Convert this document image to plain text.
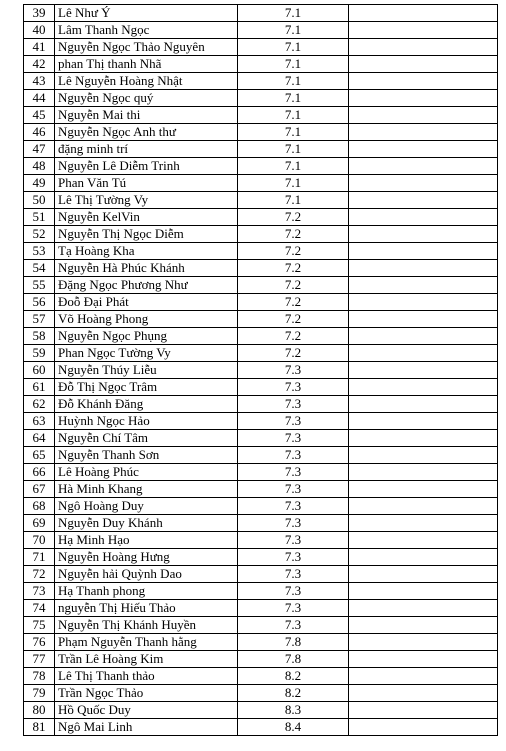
39	Lê Như Ý	7.1	
40	Lâm Thanh Ngọc	7.1	
41	Nguyễn Ngọc Thảo Nguyên	7.1	
42	phan Thị thanh Nhã	7.1	
43	Lê Nguyễn Hoàng Nhật	7.1	
44	Nguyễn Ngọc quý	7.1	
45	Nguyễn Mai thi	7.1	
46	Nguyễn Ngọc Anh thư	7.1	
47	đặng minh trí	7.1	
48	Nguyễn Lê Diễm Trinh	7.1	
49	Phan Văn Tú	7.1	
50	Lê Thị Tường Vy	7.1	
51	Nguyễn KelVin	7.2	
52	Nguyễn Thị Ngọc Diễm	7.2	
53	Tạ Hoàng Kha	7.2	
54	Nguyễn Hà Phúc Khánh	7.2	
55	Đặng Ngọc Phương Như	7.2	
56	Đoỗ Đại Phát	7.2	
57	Võ Hoàng Phong	7.2	
58	Nguyễn Ngọc Phụng	7.2	
59	Phan Ngọc Tường Vy	7.2	
60	Nguyễn Thúy Liễu	7.3	
61	Đỗ Thị Ngọc Trâm	7.3	
62	Đỗ Khánh Đăng	7.3	
63	Huỳnh Ngọc Hảo	7.3	
64	Nguyễn Chí Tâm	7.3	
65	Nguyễn Thanh Sơn	7.3	
66	Lê Hoàng Phúc	7.3	
67	Hà Minh Khang	7.3	
68	Ngô Hoàng Duy	7.3	
69	Nguyễn Duy Khánh	7.3	
70	Hạ Minh Hạo	7.3	
71	Nguyễn Hoàng Hưng	7.3	
72	Nguyễn hải Quỳnh Dao	7.3	
73	Hạ Thanh phong	7.3	
74	nguyễn Thị Hiếu Thảo	7.3	
75	Nguyễn Thị Khánh Huyền	7.3	
76	Phạm Nguyễn Thanh hằng	7.8	
77	Trần Lê Hoàng Kim	7.8	
78	Lê Thị Thanh thảo	8.2	
79	Trần Ngọc Thảo	8.2	
80	Hồ Quốc Duy	8.3	
81	Ngô Mai Linh	8.4	
